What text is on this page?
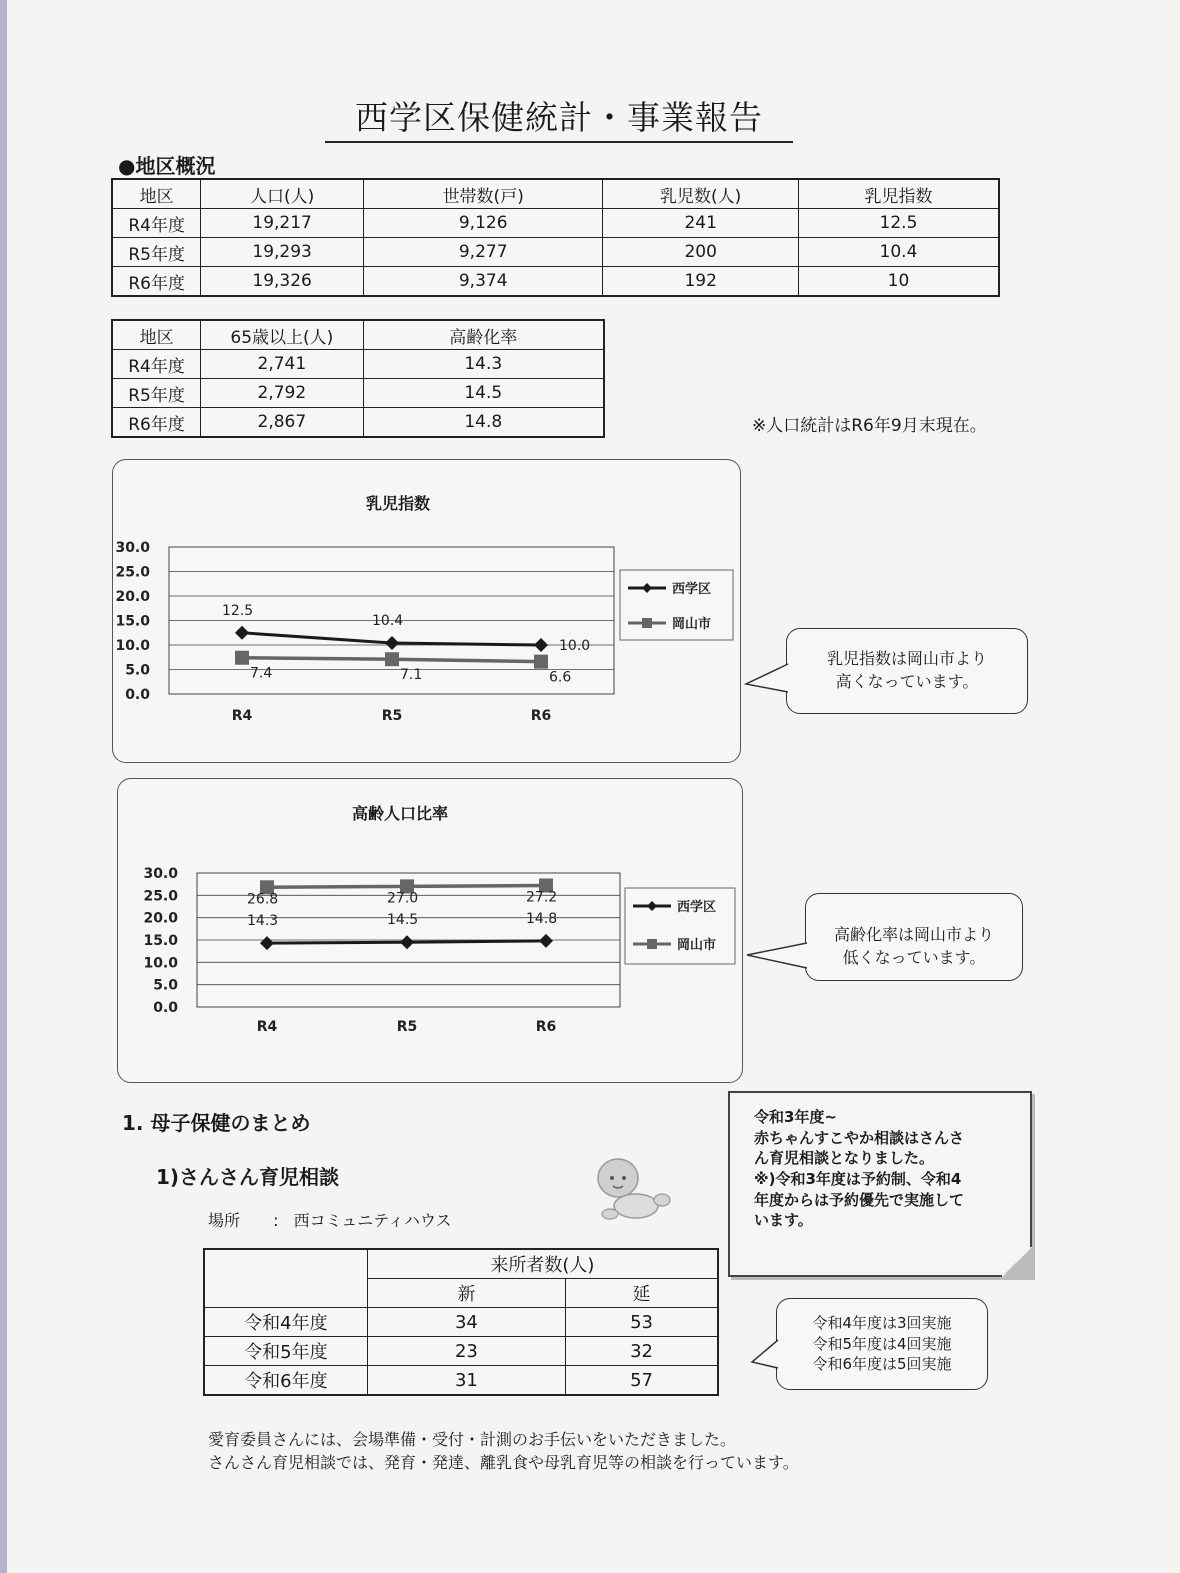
西学区保健統計・事業報告
●地区概況
地区	人口(人)	世帯数(戸)	乳児数(人)	乳児指数
R4年度	19,217	9,126	241	12.5
R5年度	19,293	9,277	200	10.4
R6年度	19,326	9,374	192	10
地区	65歳以上(人)	高齢化率
R4年度	2,741	14.3
R5年度	2,792	14.5
R6年度	2,867	14.8	※人口統計はR6年9月末現在。
乳児指数
30.0
25.0
20.0
15.0
10.0
5.0
0.0
R4	R5	R6
12.5
10.4
10.0
7.4	7.1	6.6
西学区
岡山市
乳児指数は岡山市より
高くなっています。
高齢人口比率
30.0
25.0
20.0
15.0
10.0
5.0
0.0
R4	R5	R6
14.3	14.5	14.8
26.8	27.0	27.2
西学区
岡山市
高齢化率は岡山市より
低くなっています。
1. 母子保健のまとめ
1)さんさん育児相談
場所 : 西コミュニティハウス

令和3年度~

赤ちゃんすこやか相談はさんさ

ん育児相談となりました。

※)令和3年度は予約制、令和4

年度からは予約優先で実施して

います。

	来所者数(人)	
	新	延
令和4年度	34	53
令和5年度	23	32
令和6年度	31	57
令和4年度は3回実施
令和5年度は4回実施
令和6年度は5回実施
愛育委員さんには、会場準備・受付・計測のお手伝いをいただきました。
さんさん育児相談では、発育・発達、離乳食や母乳育児等の相談を行っています。
